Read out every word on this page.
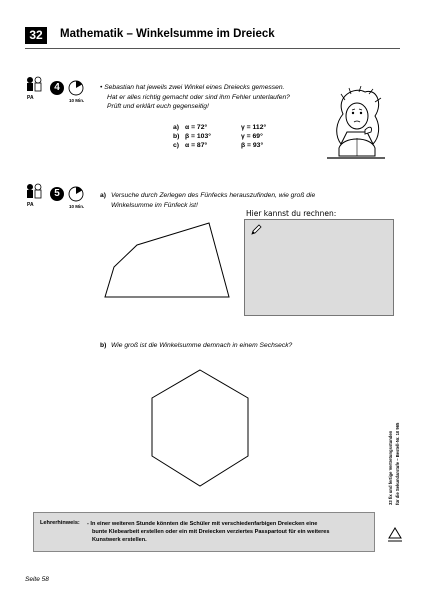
32	Mathematik – Winkelsumme im Dreieck
PA
4
10 Min.
• Sebastian hat jeweils zwei Winkel eines Dreiecks gemessen.
Hat er alles richtig gemacht oder sind ihm Fehler unterlaufen?
Prüft und erklärt euch gegenseitig!
a) α = 72°	γ = 112°
b) β = 103°	γ = 69°
c) α = 87°	β = 93°
PA
5
10 Min.
a) Versuche durch Zerlegen des Fünfecks herauszufinden, wie groß die
Winkelsumme im Fünfeck ist!
Hier kannst du rechnen:
b) Wie groß ist die Winkelsumme demnach in einem Sechseck?
33 fix und fertige Vertretungsstunden für die Sekundarstufe – Bestell-Nr. 10 965
Lehrerhinweis: - In einer weiteren Stunde könnten die Schüler mit verschiedenfarbigen Dreiecken eine
bunte Klebearbeit erstellen oder ein mit Dreiecken verziertes Passpartout für ein weiteres
Kunstwerk erstellen.
Seite 58
